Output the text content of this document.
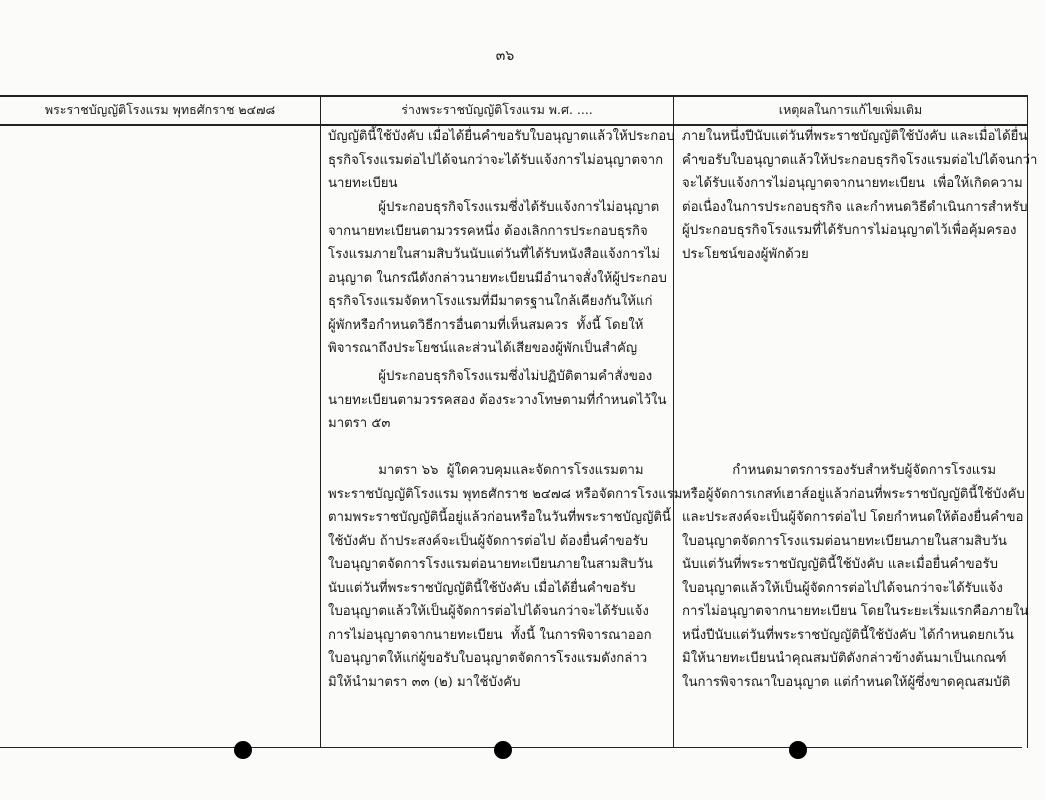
๓๖
พระราชบัญญัติโรงแรม พุทธศักราช ๒๔๗๘	ร่างพระราชบัญญัติโรงแรม พ.ศ. ....	เหตุผลในการแก้ไขเพิ่มเติม

บัญญัตินี้ใช้บังคับ เมื่อได้ยื่นคำขอรับใบอนุญาตแล้วให้ประกอบ
ธุรกิจโรงแรมต่อไปได้จนกว่าจะได้รับแจ้งการไม่อนุญาตจาก
นายทะเบียน

ผู้ประกอบธุรกิจโรงแรมซึ่งได้รับแจ้งการไม่อนุญาต
จากนายทะเบียนตามวรรคหนึ่ง ต้องเลิกการประกอบธุรกิจ
โรงแรมภายในสามสิบวันนับแต่วันที่ได้รับหนังสือแจ้งการไม่
อนุญาต ในกรณีดังกล่าวนายทะเบียนมีอำนาจสั่งให้ผู้ประกอบ
ธุรกิจโรงแรมจัดหาโรงแรมที่มีมาตรฐานใกล้เคียงกันให้แก่
ผู้พักหรือกำหนดวิธีการอื่นตามที่เห็นสมควร  ทั้งนี้ โดยให้
พิจารณาถึงประโยชน์และส่วนได้เสียของผู้พักเป็นสำคัญ

ผู้ประกอบธุรกิจโรงแรมซึ่งไม่ปฏิบัติตามคำสั่งของ
นายทะเบียนตามวรรคสอง ต้องระวางโทษตามที่กำหนดไว้ใน
มาตรา ๕๓

มาตรา ๖๖  ผู้ใดควบคุมและจัดการโรงแรมตาม
พระราชบัญญัติโรงแรม พุทธศักราช ๒๔๗๘ หรือจัดการโรงแรม
ตามพระราชบัญญัตินี้อยู่แล้วก่อนหรือในวันที่พระราชบัญญัตินี้
ใช้บังคับ ถ้าประสงค์จะเป็นผู้จัดการต่อไป ต้องยื่นคำขอรับ
ใบอนุญาตจัดการโรงแรมต่อนายทะเบียนภายในสามสิบวัน
นับแต่วันที่พระราชบัญญัตินี้ใช้บังคับ เมื่อได้ยื่นคำขอรับ
ใบอนุญาตแล้วให้เป็นผู้จัดการต่อไปได้จนกว่าจะได้รับแจ้ง
การไม่อนุญาตจากนายทะเบียน  ทั้งนี้ ในการพิจารณาออก
ใบอนุญาตให้แก่ผู้ขอรับใบอนุญาตจัดการโรงแรมดังกล่าว
มิให้นำมาตรา ๓๓ (๒) มาใช้บังคับ

ภายในหนึ่งปีนับแต่วันที่พระราชบัญญัติใช้บังคับ และเมื่อได้ยื่น
คำขอรับใบอนุญาตแล้วให้ประกอบธุรกิจโรงแรมต่อไปได้จนกว่า
จะได้รับแจ้งการไม่อนุญาตจากนายทะเบียน  เพื่อให้เกิดความ
ต่อเนื่องในการประกอบธุรกิจ และกำหนดวิธีดำเนินการสำหรับ
ผู้ประกอบธุรกิจโรงแรมที่ได้รับการไม่อนุญาตไว้เพื่อคุ้มครอง
ประโยชน์ของผู้พักด้วย

กำหนดมาตรการรองรับสำหรับผู้จัดการโรงแรม
หรือผู้จัดการเกสท์เฮาส์อยู่แล้วก่อนที่พระราชบัญญัตินี้ใช้บังคับ
และประสงค์จะเป็นผู้จัดการต่อไป โดยกำหนดให้ต้องยื่นคำขอ
ใบอนุญาตจัดการโรงแรมต่อนายทะเบียนภายในสามสิบวัน
นับแต่วันที่พระราชบัญญัตินี้ใช้บังคับ และเมื่อยื่นคำขอรับ
ใบอนุญาตแล้วให้เป็นผู้จัดการต่อไปได้จนกว่าจะได้รับแจ้ง
การไม่อนุญาตจากนายทะเบียน โดยในระยะเริ่มแรกคือภายใน
หนึ่งปีนับแต่วันที่พระราชบัญญัตินี้ใช้บังคับ ได้กำหนดยกเว้น
มิให้นายทะเบียนนำคุณสมบัติดังกล่าวข้างต้นมาเป็นเกณฑ์
ในการพิจารณาใบอนุญาต แต่กำหนดให้ผู้ซึ่งขาดคุณสมบัติ
